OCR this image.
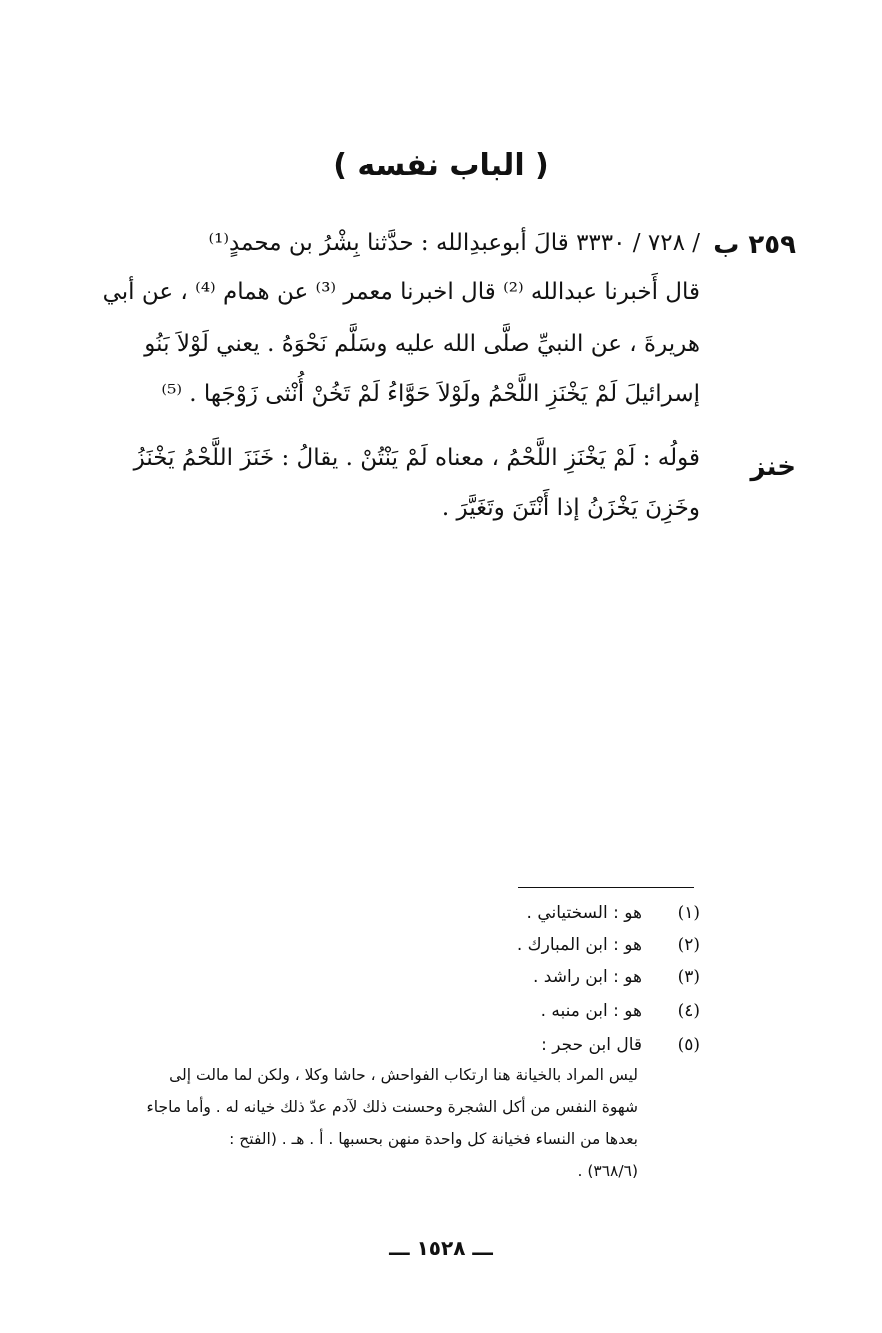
( الباب نفسه )
٢٥٩ ب
خنز
/ ٧٢٨ / ٣٣٣٠ قالَ أبوعبدِالله : حدَّثنا بِشْرُ بن محمدٍ⁽¹⁾
قال أَخبرنا عبدالله ⁽²⁾ قال اخبرنا معمر ⁽³⁾ عن همام ⁽⁴⁾ ، عن أبي
هريرةَ ، عن النبيِّ صلَّى الله عليه وسَلَّم نَحْوَهُ . يعني لَوْلاَ بَنُو
إسرائيلَ لَمْ يَخْنَزِ اللَّحْمُ ولَوْلاَ حَوَّاءُ لَمْ تَخُنْ أُنْثى زَوْجَها . ⁽⁵⁾
قولُه : لَمْ يَخْنَزِ اللَّحْمُ ، معناه لَمْ يَنْتُنْ . يقالُ : خَنَزَ اللَّحْمُ يَخْنَزُ
وخَزِنَ يَخْزَنُ إذا أَنْتَنَ وتَغَيَّرَ .
(١)
هو : السختياني .
(٢)
هو : ابن المبارك .
(٣)
هو : ابن راشد .
(٤)
هو : ابن منبه .
(٥)
قال ابن حجر :
ليس المراد بالخيانة هنا ارتكاب الفواحش ، حاشا وكلا ، ولكن لما مالت إلى
شهوة النفس من أكل الشجرة وحسنت ذلك لآدم عدّ ذلك خيانه له . وأما ماجاء
بعدها من النساء فخيانة كل واحدة منهن بحسبها . أ . هـ . (الفتح :
(٣٦٨/٦) .
ـــ ١٥٢٨ ـــ
